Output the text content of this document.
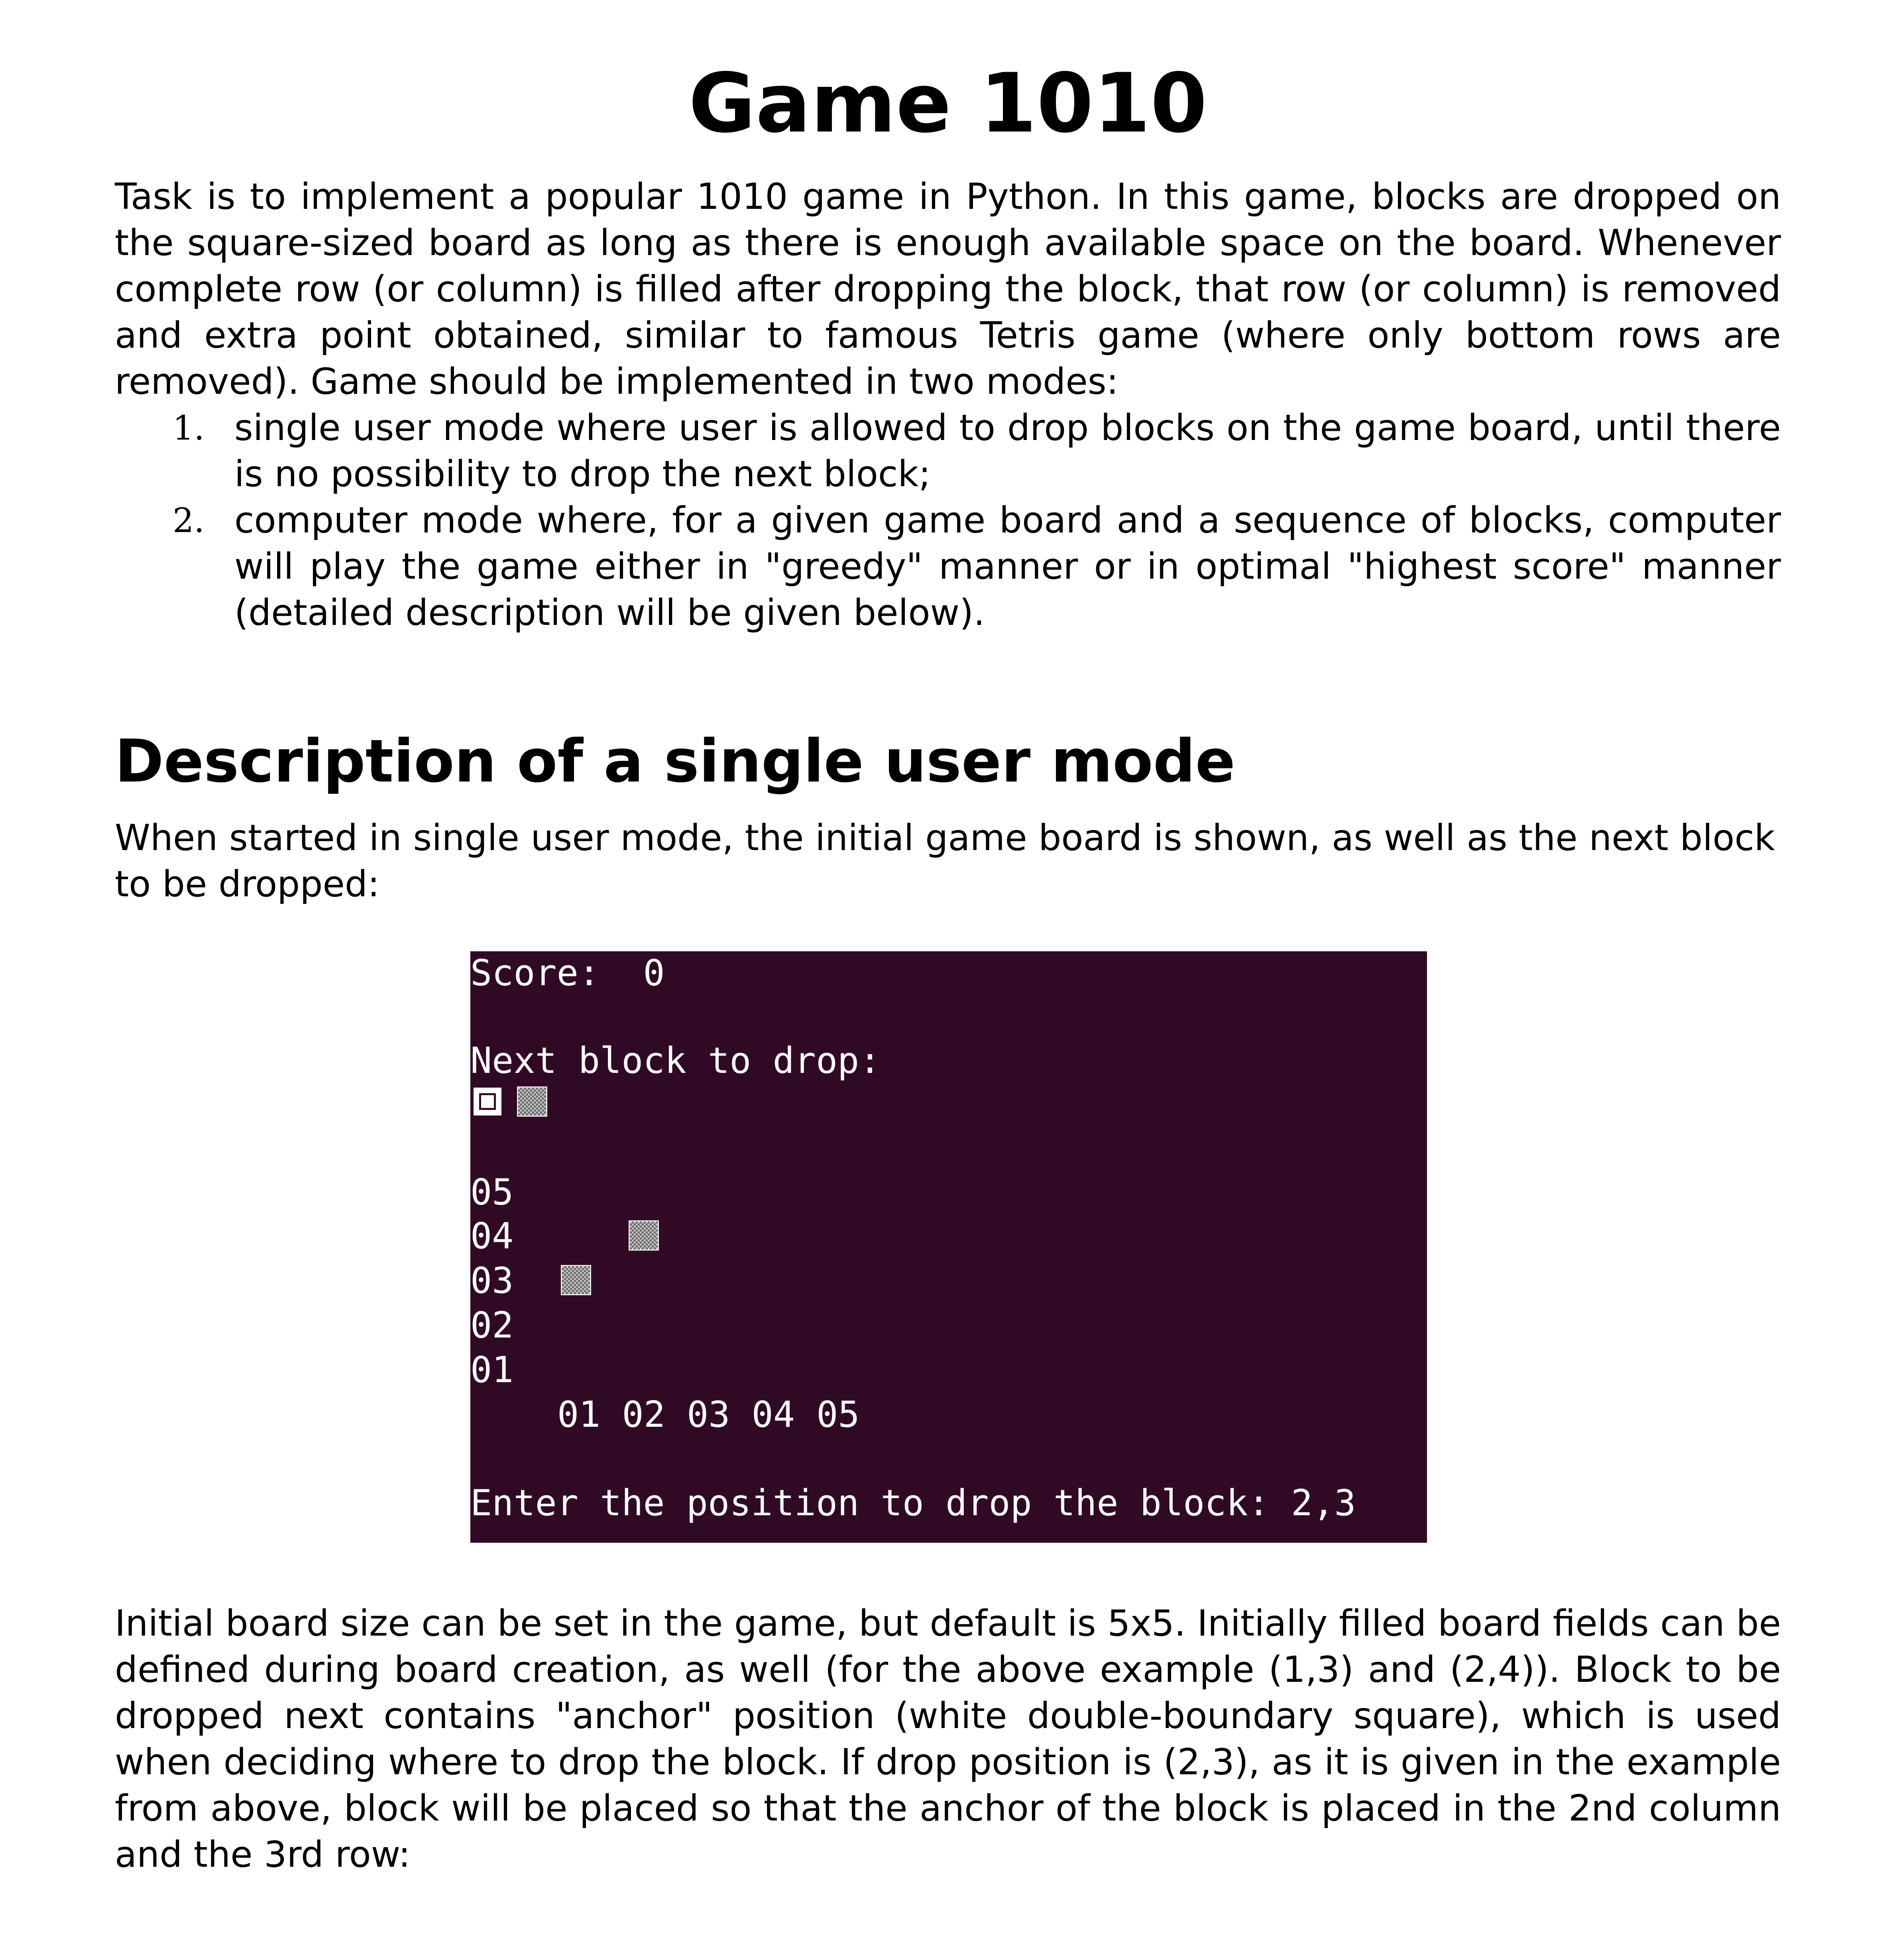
Game 1010
Task is to implement a popular 1010 game in Python. In this game, blocks are dropped on
the square-sized board as long as there is enough available space on the board. Whenever
complete row (or column) is filled after dropping the block, that row (or column) is removed
and extra point obtained, similar to famous Tetris game (where only bottom rows are
removed). Game should be implemented in two modes:
1. single user mode where user is allowed to drop blocks on the game board, until there
is no possibility to drop the next block;
2. computer mode where, for a given game board and a sequence of blocks, computer
will play the game either in "greedy" manner or in optimal "highest score" manner
(detailed description will be given below).
Description of a single user mode
When started in single user mode, the initial game board is shown, as well as the next block
to be dropped:
Initial board size can be set in the game, but default is 5x5. Initially filled board fields can be
defined during board creation, as well (for the above example (1,3) and (2,4)). Block to be
dropped next contains "anchor" position (white double-boundary square), which is used
when deciding where to drop the block. If drop position is (2,3), as it is given in the example
from above, block will be placed so that the anchor of the block is placed in the 2nd column
and the 3rd row:
Score:  0
Next block to drop:
05
04
03
02
01
01 02 03 04 05
Enter the position to drop the block: 2,3
